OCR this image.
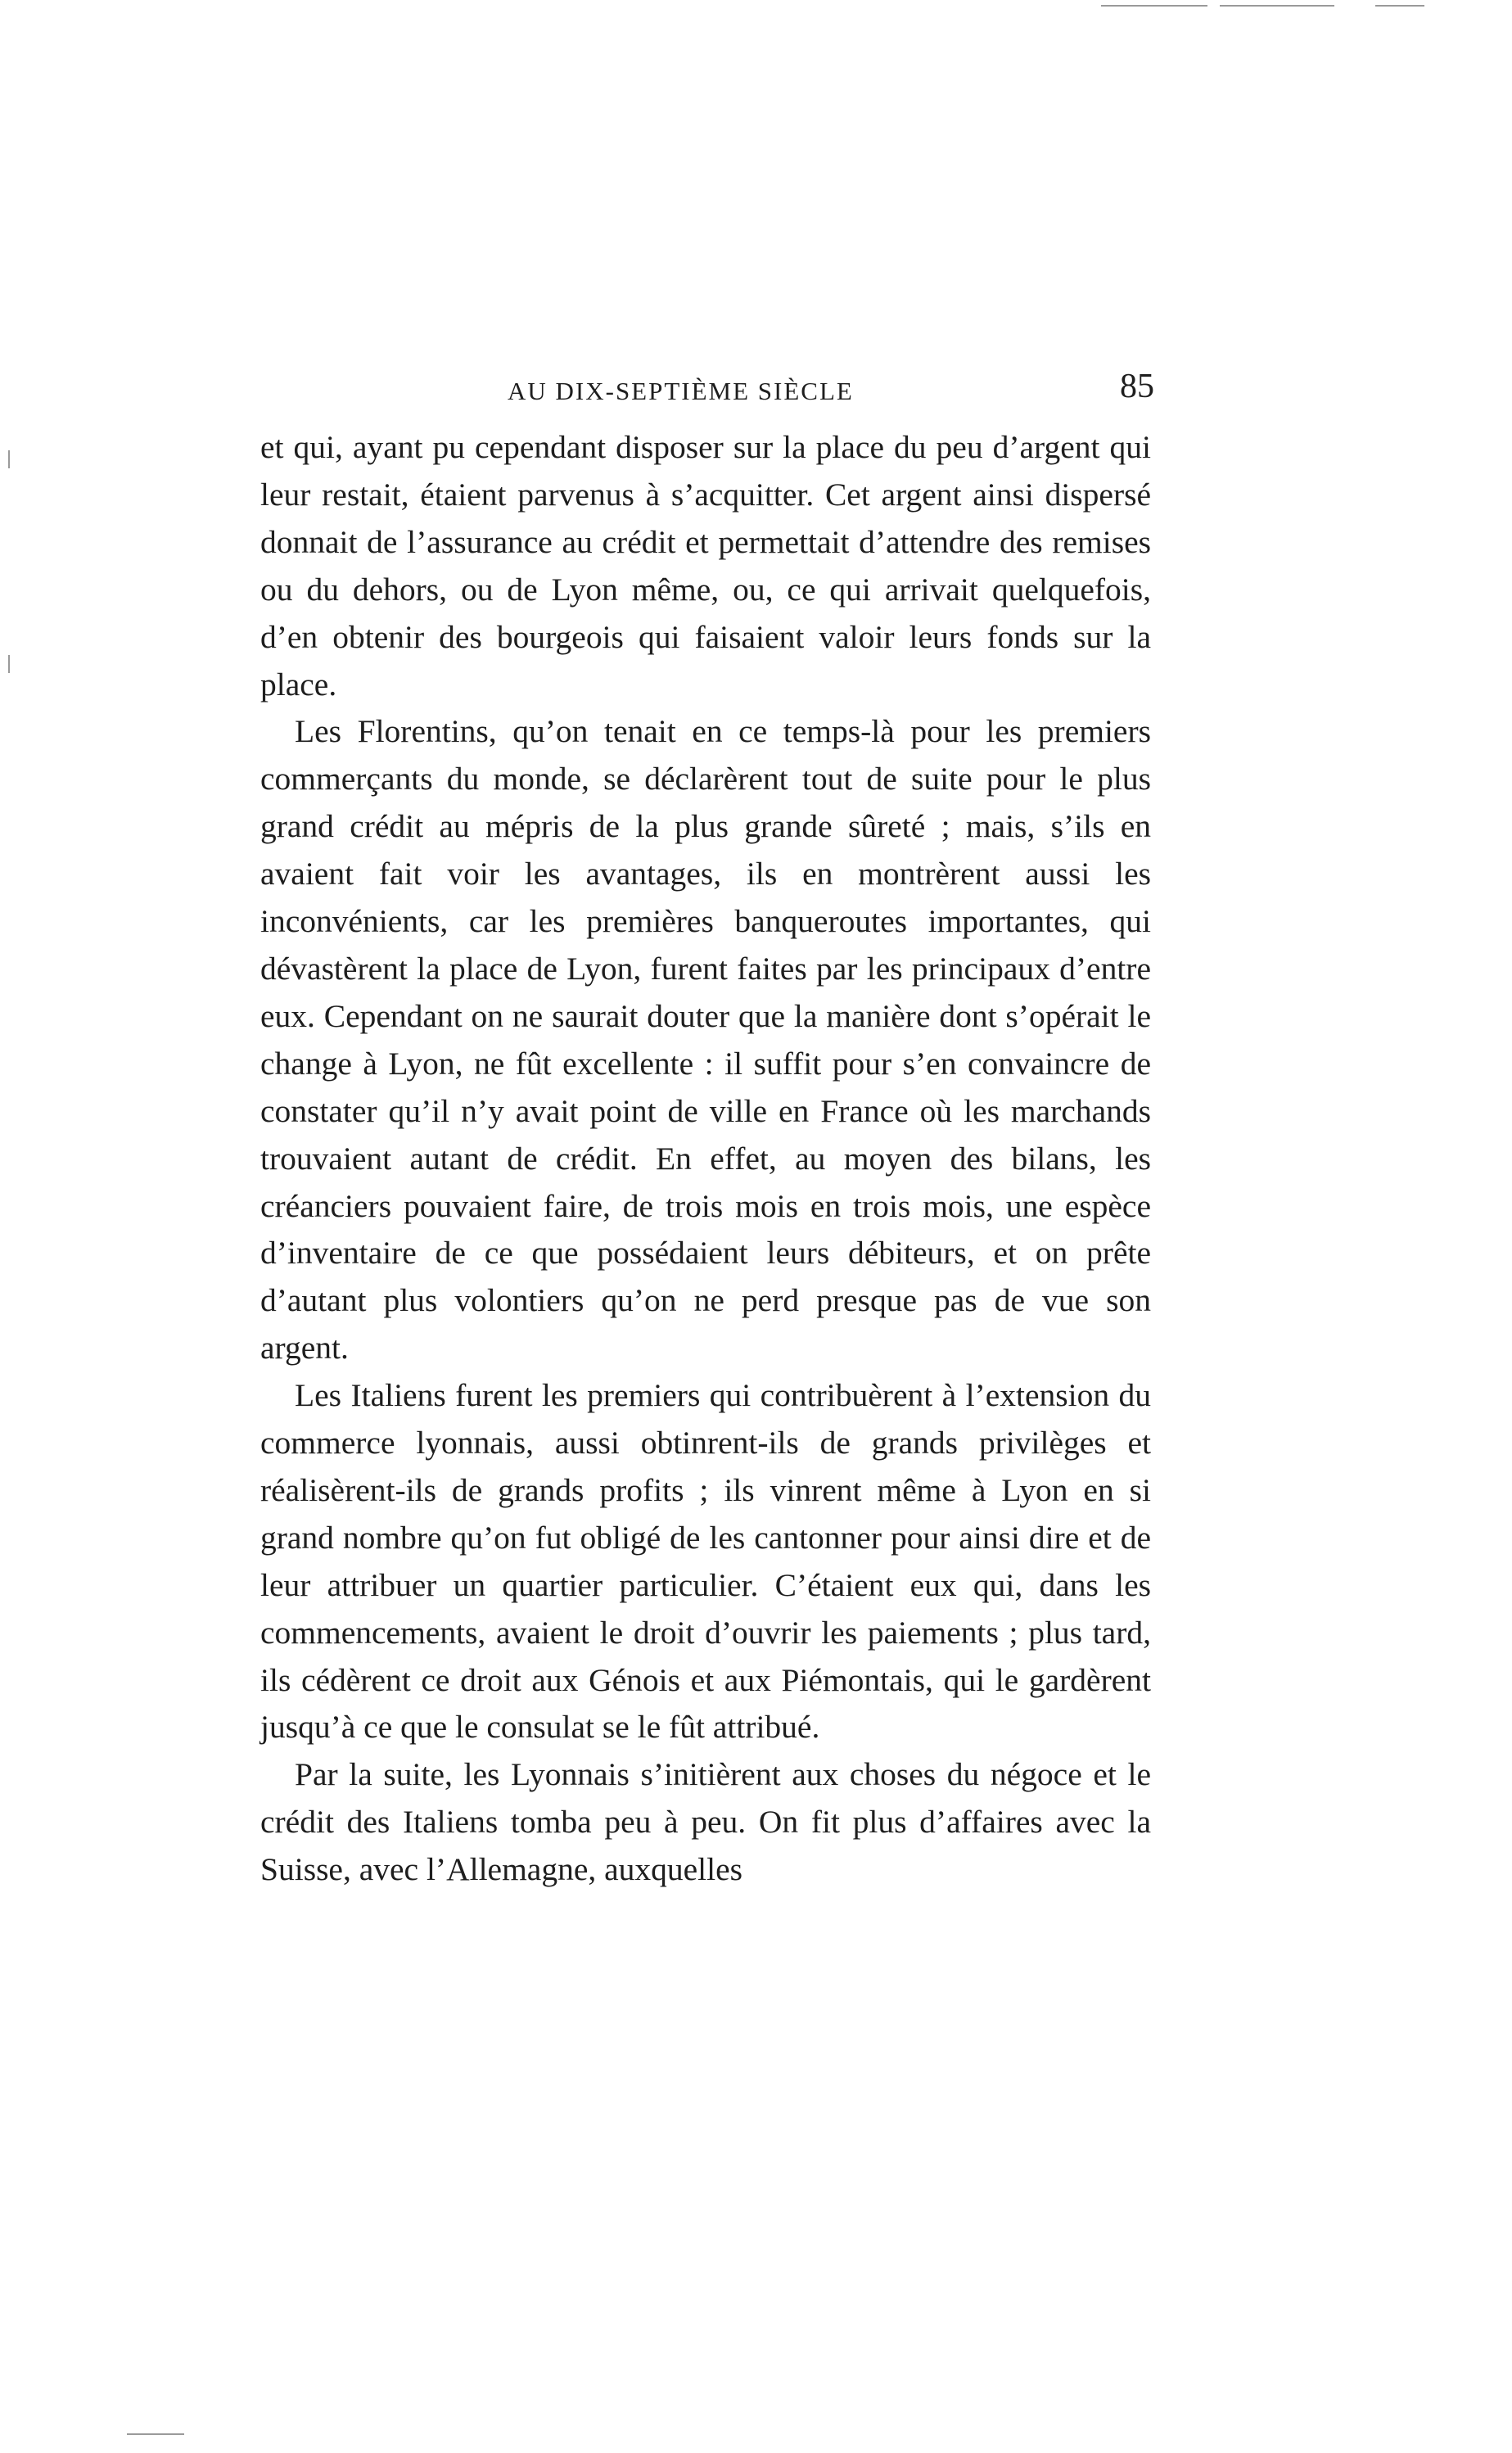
AU DIX-SEPTIÈME SIÈCLE	85

et qui, ayant pu cependant disposer sur la place du peu d’argent qui leur restait, étaient parvenus à s’acquitter. Cet argent ainsi dispersé donnait de l’assurance au crédit et permettait d’attendre des remises ou du dehors, ou de Lyon même, ou, ce qui arrivait quelquefois, d’en obtenir des bourgeois qui faisaient valoir leurs fonds sur la place.

Les Florentins, qu’on tenait en ce temps-là pour les premiers commerçants du monde, se déclarèrent tout de suite pour le plus grand crédit au mépris de la plus grande sûreté ; mais, s’ils en avaient fait voir les avantages, ils en montrèrent aussi les inconvénients, car les premières banqueroutes importantes, qui dévastèrent la place de Lyon, furent faites par les principaux d’entre eux. Cependant on ne saurait douter que la manière dont s’opérait le change à Lyon, ne fût excellente : il suffit pour s’en convaincre de constater qu’il n’y avait point de ville en France où les marchands trouvaient autant de crédit. En effet, au moyen des bilans, les créanciers pouvaient faire, de trois mois en trois mois, une espèce d’inventaire de ce que possédaient leurs débiteurs, et on prête d’autant plus volontiers qu’on ne perd presque pas de vue son argent.

Les Italiens furent les premiers qui contribuèrent à l’extension du commerce lyonnais, aussi obtinrent-ils de grands privilèges et réalisèrent-ils de grands profits ; ils vinrent même à Lyon en si grand nombre qu’on fut obligé de les cantonner pour ainsi dire et de leur attribuer un quartier particulier. C’étaient eux qui, dans les commencements, avaient le droit d’ouvrir les paiements ; plus tard, ils cédèrent ce droit aux Génois et aux Piémontais, qui le gardèrent jusqu’à ce que le consulat se le fût attribué.

Par la suite, les Lyonnais s’initièrent aux choses du négoce et le crédit des Italiens tomba peu à peu. On fit plus d’affaires avec la Suisse, avec l’Allemagne, auxquelles
